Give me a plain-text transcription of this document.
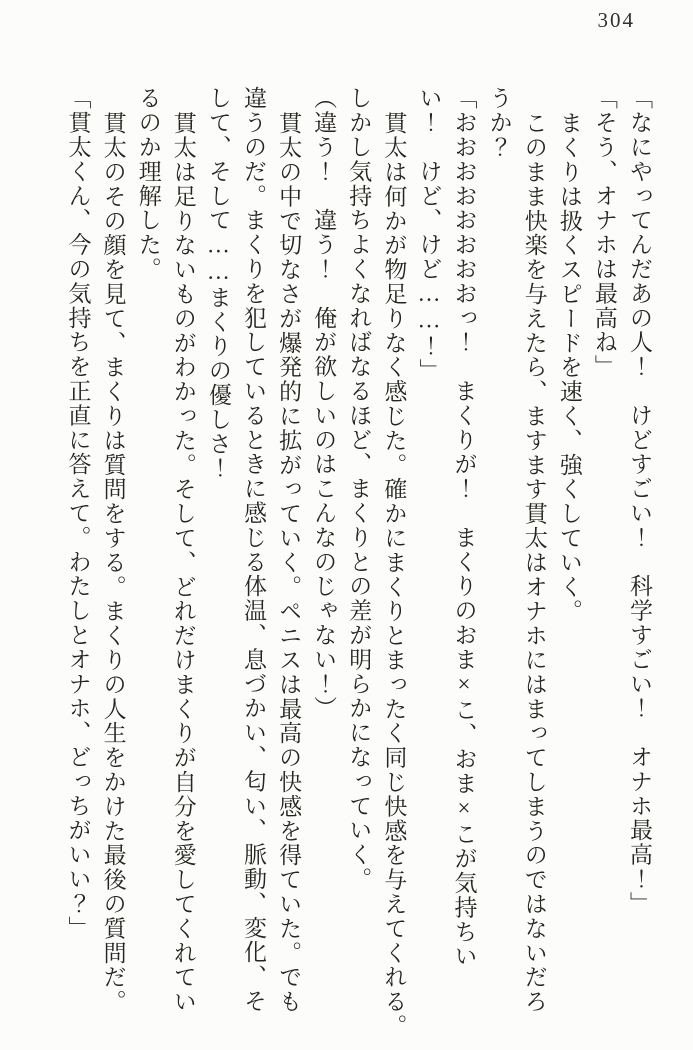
304
「なにやってんだあの人！　けどすごい！　科学すごい！　オナホ最高！」
「そう、オナホは最高ね」
まくりは扱くスピードを速く、強くしていく。
このまま快楽を与えたら、ますます貫太はオナホにはまってしまうのではないだろ
うか？
「おおおおおおおおっ！　まくりが！　まくりのおま×こ、おま×こが気持ちい
い！　けど、けど……！」
貫太は何かが物足りなく感じた。確かにまくりとまったく同じ快感を与えてくれる。
しかし気持ちよくなればなるほど、まくりとの差が明らかになっていく。
（違う！　違う！　俺が欲しいのはこんなのじゃない！）
貫太の中で切なさが爆発的に拡がっていく。ペニスは最高の快感を得ていた。でも
違うのだ。まくりを犯しているときに感じる体温、息づかい、匂い、脈動、変化、そ
して、そして……まくりの優しさ！
貫太は足りないものがわかった。そして、どれだけまくりが自分を愛してくれてい
るのか理解した。
貫太のその顔を見て、まくりは質問をする。まくりの人生をかけた最後の質問だ。
「貫太くん、今の気持ちを正直に答えて。わたしとオナホ、どっちがいい？」
